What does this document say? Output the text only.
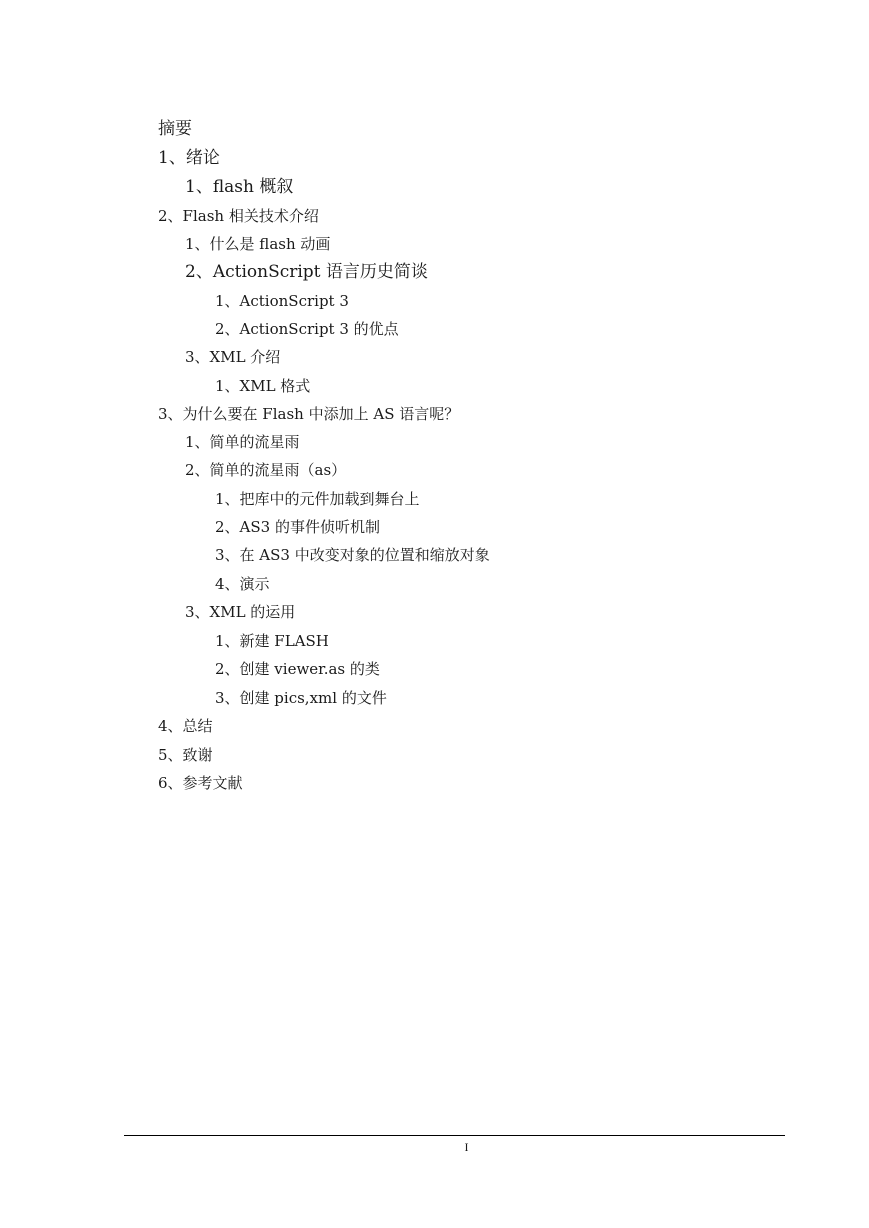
摘要
1、绪论
1、flash 概叙
2、Flash 相关技术介绍
1、什么是 flash 动画
2、ActionScript 语言历史简谈
1、ActionScript 3
2、ActionScript 3 的优点
3、XML 介绍
1、XML 格式
3、为什么要在 Flash 中添加上 AS 语言呢？
1、简单的流星雨
2、简单的流星雨（as）
1、把库中的元件加载到舞台上
2、AS3 的事件侦听机制
3、在 AS3 中改变对象的位置和缩放对象
4、演示
3、XML 的运用
1、新建 FLASH
2、创建 viewer.as 的类
3、创建 pics,xml 的文件
4、总结
5、致谢
6、参考文献
I
